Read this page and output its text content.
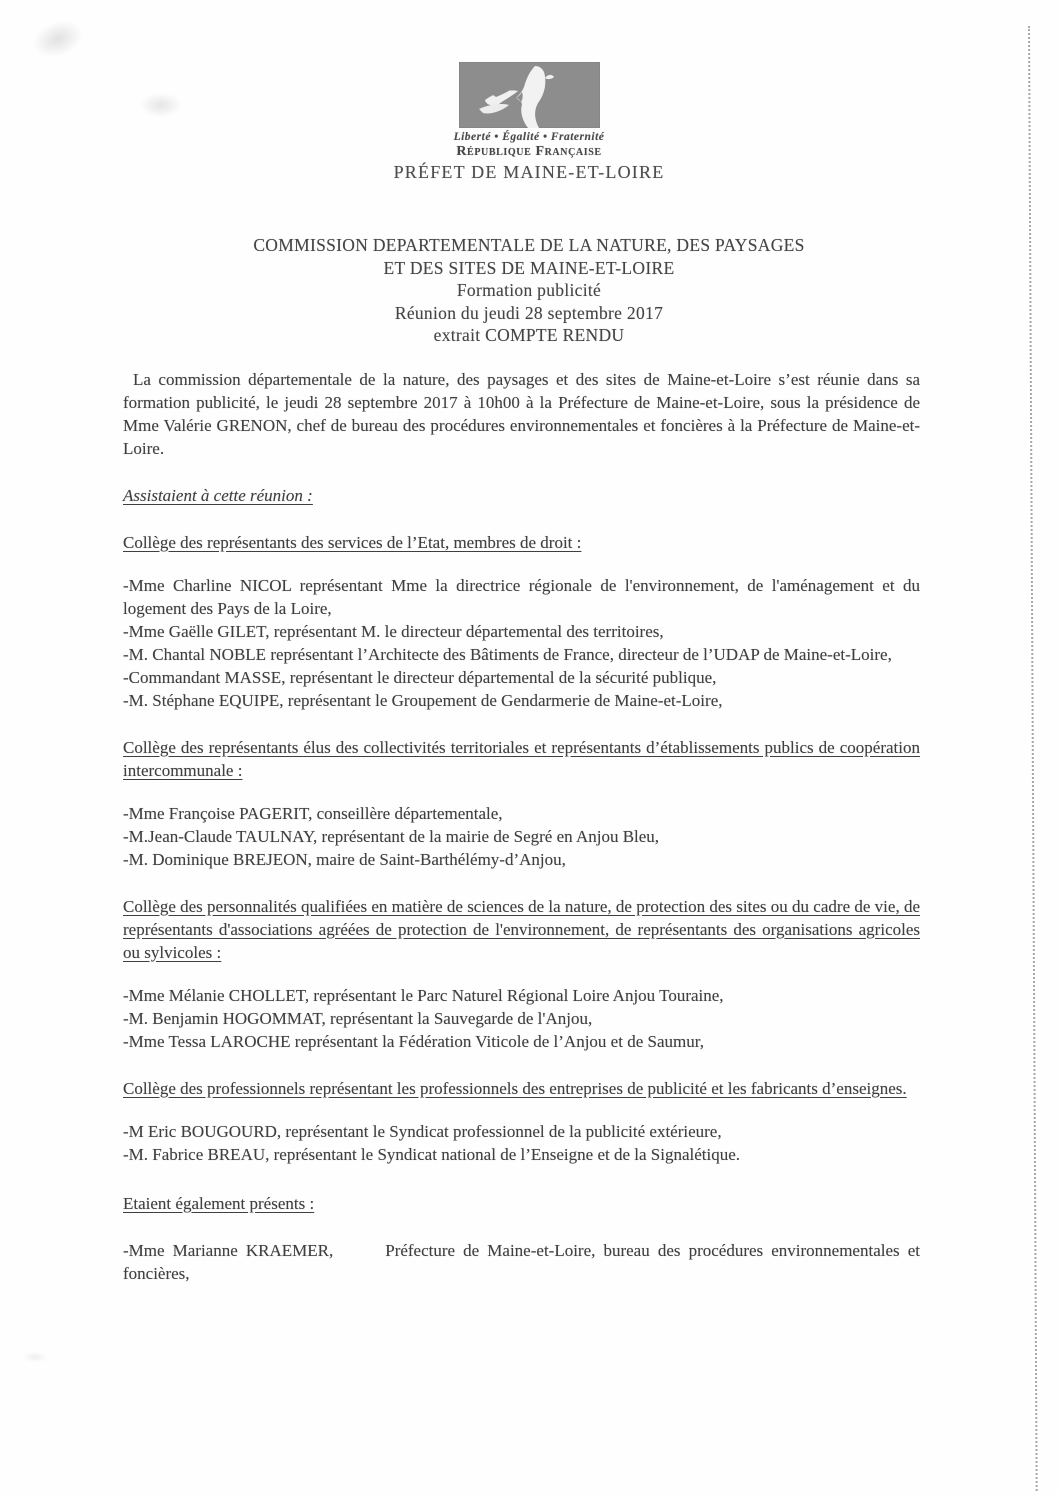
Liberté • Égalité • Fraternité
République Française
PRÉFET DE MAINE-ET-LOIRE
COMMISSION DEPARTEMENTALE DE LA NATURE, DES PAYSAGES
ET DES SITES DE MAINE-ET-LOIRE
Formation publicité
Réunion du jeudi 28 septembre 2017
extrait COMPTE RENDU

La commission départementale de la nature, des paysages et des sites de Maine-et-Loire s’est réunie dans sa formation publicité, le jeudi 28 septembre 2017 à 10h00 à la Préfecture de Maine-et-Loire, sous la présidence de Mme Valérie GRENON, chef de bureau des procédures environnementales et foncières à la Préfecture de Maine-et-Loire.

Assistaient à cette réunion :

Collège des représentants des services de l’Etat, membres de droit :

-Mme Charline NICOL représentant Mme la directrice régionale de l'environnement, de l'aménagement et du logement des Pays de la Loire,
-Mme Gaëlle GILET, représentant M. le directeur départemental des territoires,
-M. Chantal NOBLE représentant l’Architecte des Bâtiments de France, directeur de l’UDAP de Maine-et-Loire,
-Commandant MASSE, représentant le directeur départemental de la sécurité publique,
-M. Stéphane EQUIPE, représentant le Groupement de Gendarmerie de Maine-et-Loire,

Collège des représentants élus des collectivités territoriales et représentants d’établissements publics de coopération intercommunale :

-Mme Françoise PAGERIT, conseillère départementale,
-M.Jean-Claude TAULNAY, représentant de la mairie de Segré en Anjou Bleu,
-M. Dominique BREJEON, maire de Saint-Barthélémy-d’Anjou,

Collège des personnalités qualifiées en matière de sciences de la nature, de protection des sites ou du cadre de vie, de représentants d'associations agréées de protection de l'environnement, de représentants des organisations agricoles ou sylvicoles :

-Mme Mélanie CHOLLET, représentant le Parc Naturel Régional Loire Anjou Touraine,
-M. Benjamin HOGOMMAT, représentant la Sauvegarde de l'Anjou,
-Mme Tessa LAROCHE représentant la Fédération Viticole de l’Anjou et de Saumur,

Collège des professionnels représentant les professionnels des entreprises de publicité et les fabricants d’enseignes.

-M Eric BOUGOURD, représentant le Syndicat professionnel de la publicité extérieure,
-M. Fabrice BREAU, représentant le Syndicat national de l’Enseigne et de la Signalétique.

Etaient également présents :

-Mme Marianne KRAEMER,	Préfecture de Maine-et-Loire, bureau des procédures environnementales et foncières,
